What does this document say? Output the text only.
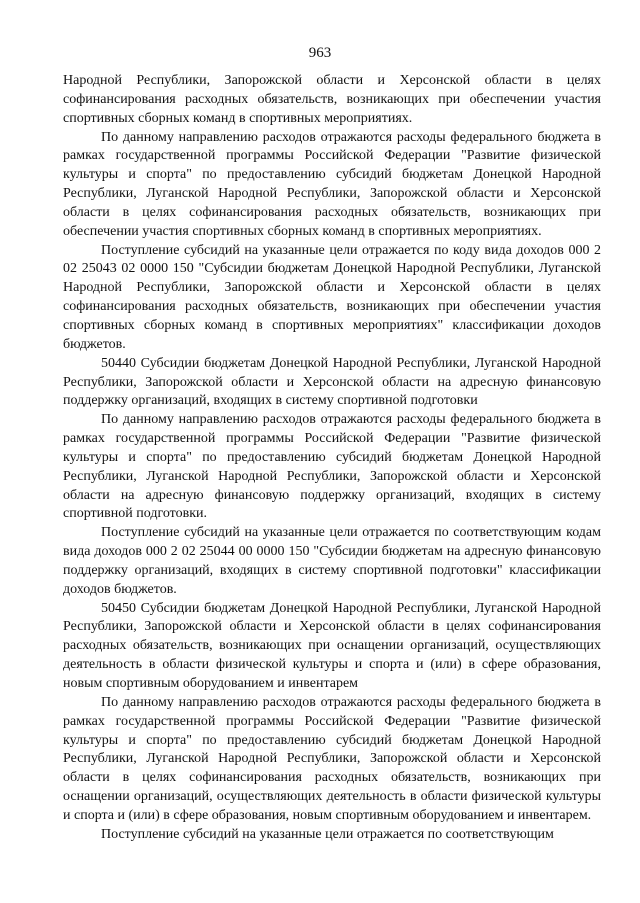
963

Народной Республики, Запорожской области и Херсонской области в целях софинансирования расходных обязательств, возникающих при обеспечении участия спортивных сборных команд в спортивных мероприятиях.

По данному направлению расходов отражаются расходы федерального бюджета в рамках государственной программы Российской Федерации "Развитие физической культуры и спорта" по предоставлению субсидий бюджетам Донецкой Народной Республики, Луганской Народной Республики, Запорожской области и Херсонской области в целях софинансирования расходных обязательств, возникающих при обеспечении участия спортивных сборных команд в спортивных мероприятиях.

Поступление субсидий на указанные цели отражается по коду вида доходов 000 2 02 25043 02 0000 150 "Субсидии бюджетам Донецкой Народной Республики, Луганской Народной Республики, Запорожской области и Херсонской области в целях софинансирования расходных обязательств, возникающих при обеспечении участия спортивных сборных команд в спортивных мероприятиях" классификации доходов бюджетов.

50440 Субсидии бюджетам Донецкой Народной Республики, Луганской Народной Республики, Запорожской области и Херсонской области на адресную финансовую поддержку организаций, входящих в систему спортивной подготовки

По данному направлению расходов отражаются расходы федерального бюджета в рамках государственной программы Российской Федерации "Развитие физической культуры и спорта" по предоставлению субсидий бюджетам Донецкой Народной Республики, Луганской Народной Республики, Запорожской области и Херсонской области на адресную финансовую поддержку организаций, входящих в систему спортивной подготовки.

Поступление субсидий на указанные цели отражается по соответствующим кодам вида доходов 000 2 02 25044 00 0000 150 "Субсидии бюджетам на адресную финансовую поддержку организаций, входящих в систему спортивной подготовки" классификации доходов бюджетов.

50450 Субсидии бюджетам Донецкой Народной Республики, Луганской Народной Республики, Запорожской области и Херсонской области в целях софинансирования расходных обязательств, возникающих при оснащении организаций, осуществляющих деятельность в области физической культуры и спорта и (или) в сфере образования, новым спортивным оборудованием и инвентарем

По данному направлению расходов отражаются расходы федерального бюджета в рамках государственной программы Российской Федерации "Развитие физической культуры и спорта" по предоставлению субсидий бюджетам Донецкой Народной Республики, Луганской Народной Республики, Запорожской области и Херсонской области в целях софинансирования расходных обязательств, возникающих при оснащении организаций, осуществляющих деятельность в области физической культуры и спорта и (или) в сфере образования, новым спортивным оборудованием и инвентарем.

Поступление субсидий на указанные цели отражается по соответствующим
